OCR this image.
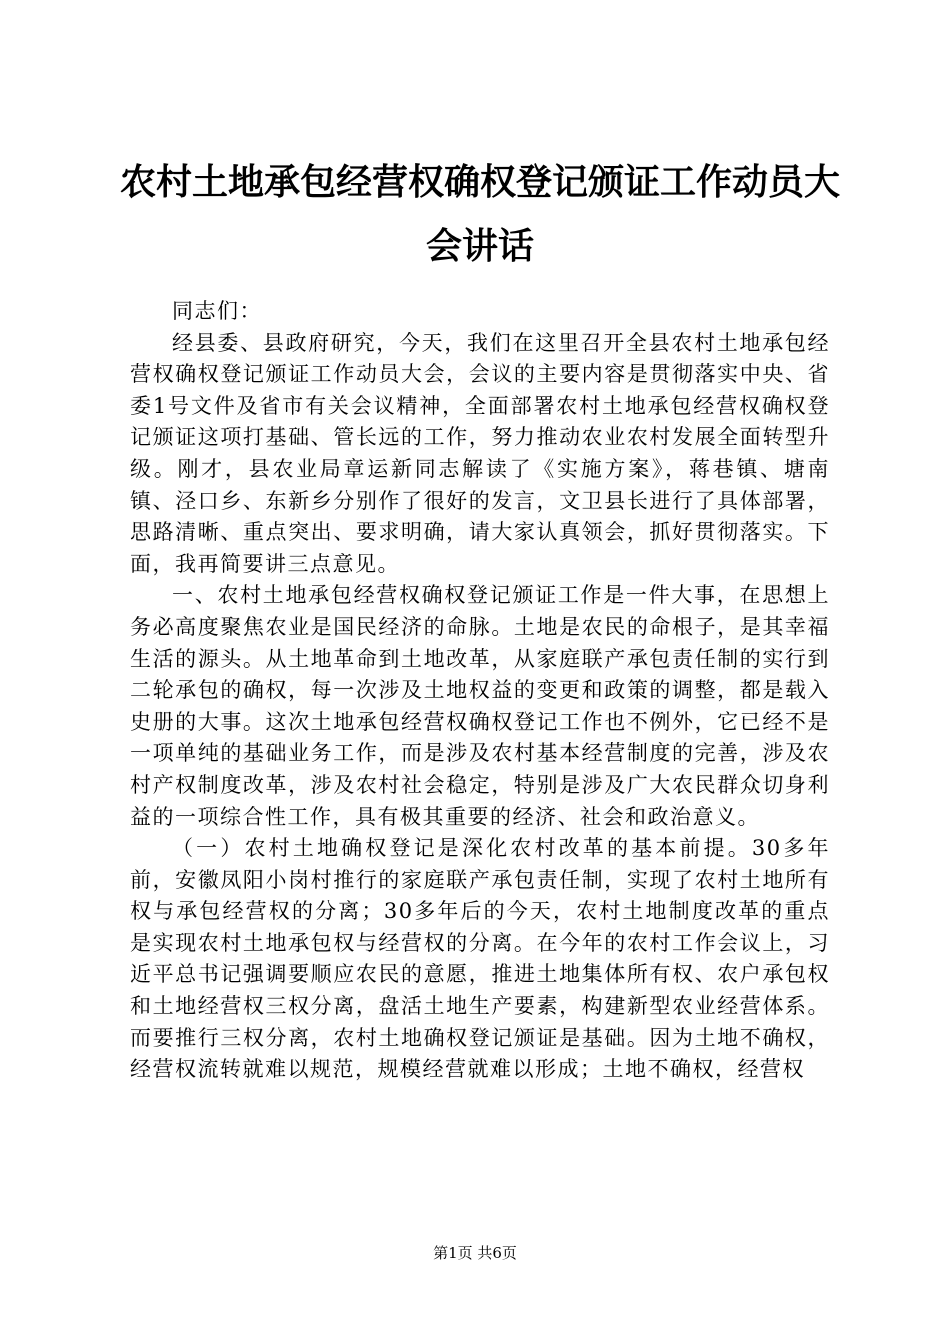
农村土地承包经营权确权登记颁证工作动员大会讲话

同志们：

经县委、县政府研究，今天，我们在这里召开全县农村土地承包经营权确权登记颁证工作动员大会，会议的主要内容是贯彻落实中央、省委1号文件及省市有关会议精神，全面部署农村土地承包经营权确权登记颁证这项打基础、管长远的工作，努力推动农业农村发展全面转型升级。刚才，县农业局章运新同志解读了《实施方案》，蒋巷镇、塘南镇、泾口乡、东新乡分别作了很好的发言，文卫县长进行了具体部署，思路清晰、重点突出、要求明确，请大家认真领会，抓好贯彻落实。下面，我再简要讲三点意见。

一、农村土地承包经营权确权登记颁证工作是一件大事，在思想上务必高度聚焦农业是国民经济的命脉。土地是农民的命根子，是其幸福生活的源头。从土地革命到土地改革，从家庭联产承包责任制的实行到二轮承包的确权，每一次涉及土地权益的变更和政策的调整，都是载入史册的大事。这次土地承包经营权确权登记工作也不例外，它已经不是一项单纯的基础业务工作，而是涉及农村基本经营制度的完善，涉及农村产权制度改革，涉及农村社会稳定，特别是涉及广大农民群众切身利益的一项综合性工作，具有极其重要的经济、社会和政治意义。

（一）农村土地确权登记是深化农村改革的基本前提。30多年前，安徽凤阳小岗村推行的家庭联产承包责任制，实现了农村土地所有权与承包经营权的分离；30多年后的今天，农村土地制度改革的重点是实现农村土地承包权与经营权的分离。在今年的农村工作会议上，习近平总书记强调要顺应农民的意愿，推进土地集体所有权、农户承包权和土地经营权三权分离，盘活土地生产要素，构建新型农业经营体系。而要推行三权分离，农村土地确权登记颁证是基础。因为土地不确权，经营权流转就难以规范，规模经营就难以形成；土地不确权，经营权

第1页 共6页
